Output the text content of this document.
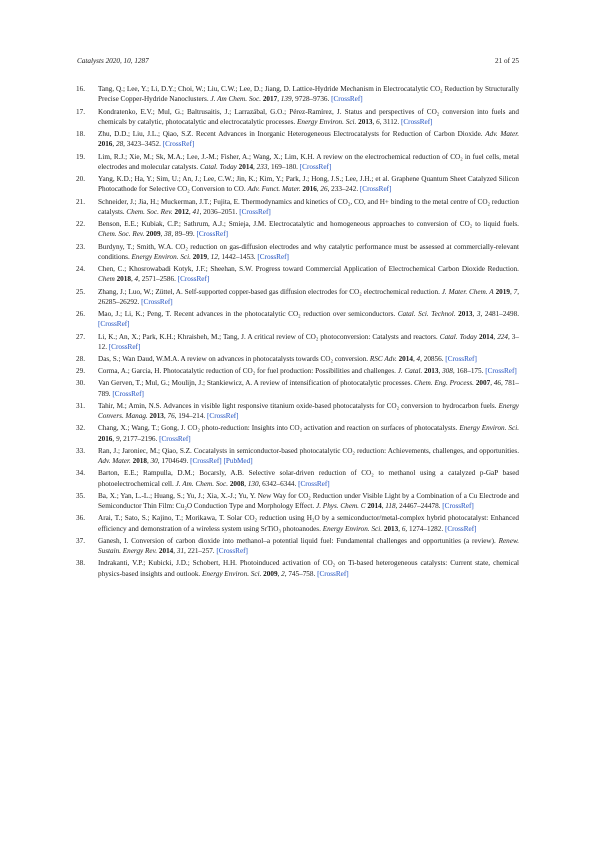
Catalysts 2020, 10, 1287	21 of 25
16. Tang, Q.; Lee, Y.; Li, D.Y.; Choi, W.; Liu, C.W.; Lee, D.; Jiang, D. Lattice-Hydride Mechanism in Electrocatalytic CO₂ Reduction by Structurally Precise Copper-Hydride Nanoclusters. J. Am Chem. Soc. 2017, 139, 9728–9736. [CrossRef]
17. Kondratenko, E.V.; Mul, G.; Baltrusaitis, J.; Larrazábal, G.O.; Pérez-Ramírez, J. Status and perspectives of CO₂ conversion into fuels and chemicals by catalytic, photocatalytic and electrocatalytic processes. Energy Environ. Sci. 2013, 6, 3112. [CrossRef]
18. Zhu, D.D.; Liu, J.L.; Qiao, S.Z. Recent Advances in Inorganic Heterogeneous Electrocatalysts for Reduction of Carbon Dioxide. Adv. Mater. 2016, 28, 3423–3452. [CrossRef]
19. Lim, R.J.; Xie, M.; Sk, M.A.; Lee, J.-M.; Fisher, A.; Wang, X.; Lim, K.H. A review on the electrochemical reduction of CO₂ in fuel cells, metal electrodes and molecular catalysts. Catal. Today 2014, 233, 169–180. [CrossRef]
20. Yang, K.D.; Ha, Y.; Sim, U.; An, J.; Lee, C.W.; Jin, K.; Kim, Y.; Park, J.; Hong, J.S.; Lee, J.H.; et al. Graphene Quantum Sheet Catalyzed Silicon Photocathode for Selective CO₂ Conversion to CO. Adv. Funct. Mater. 2016, 26, 233–242. [CrossRef]
21. Schneider, J.; Jia, H.; Muckerman, J.T.; Fujita, E. Thermodynamics and kinetics of CO₂, CO, and H+ binding to the metal centre of CO₂ reduction catalysts. Chem. Soc. Rev. 2012, 41, 2036–2051. [CrossRef]
22. Benson, E.E.; Kubiak, C.P.; Sathrum, A.J.; Smieja, J.M. Electrocatalytic and homogeneous approaches to conversion of CO₂ to liquid fuels. Chem. Soc. Rev. 2009, 38, 89–99. [CrossRef]
23. Burdyny, T.; Smith, W.A. CO₂ reduction on gas-diffusion electrodes and why catalytic performance must be assessed at commercially-relevant conditions. Energy Environ. Sci. 2019, 12, 1442–1453. [CrossRef]
24. Chen, C.; Khosrowabadi Kotyk, J.F.; Sheehan, S.W. Progress toward Commercial Application of Electrochemical Carbon Dioxide Reduction. Chem 2018, 4, 2571–2586. [CrossRef]
25. Zhang, J.; Luo, W.; Züttel, A. Self-supported copper-based gas diffusion electrodes for CO₂ electrochemical reduction. J. Mater. Chem. A 2019, 7, 26285–26292. [CrossRef]
26. Mao, J.; Li, K.; Peng, T. Recent advances in the photocatalytic CO₂ reduction over semiconductors. Catal. Sci. Technol. 2013, 3, 2481–2498. [CrossRef]
27. Li, K.; An, X.; Park, K.H.; Khraisheh, M.; Tang, J. A critical review of CO₂ photoconversion: Catalysts and reactors. Catal. Today 2014, 224, 3–12. [CrossRef]
28. Das, S.; Wan Daud, W.M.A. A review on advances in photocatalysts towards CO₂ conversion. RSC Adv. 2014, 4, 20856. [CrossRef]
29. Corma, A.; Garcia, H. Photocatalytic reduction of CO₂ for fuel production: Possibilities and challenges. J. Catal. 2013, 308, 168–175. [CrossRef]
30. Van Gerven, T.; Mul, G.; Moulijn, J.; Stankiewicz, A. A review of intensification of photocatalytic processes. Chem. Eng. Process. 2007, 46, 781–789. [CrossRef]
31. Tahir, M.; Amin, N.S. Advances in visible light responsive titanium oxide-based photocatalysts for CO₂ conversion to hydrocarbon fuels. Energy Convers. Manag. 2013, 76, 194–214. [CrossRef]
32. Chang, X.; Wang, T.; Gong, J. CO₂ photo-reduction: Insights into CO₂ activation and reaction on surfaces of photocatalysts. Energy Environ. Sci. 2016, 9, 2177–2196. [CrossRef]
33. Ran, J.; Jaroniec, M.; Qiao, S.Z. Cocatalysts in semiconductor-based photocatalytic CO₂ reduction: Achievements, challenges, and opportunities. Adv. Mater. 2018, 30, 1704649. [CrossRef] [PubMed]
34. Barton, E.E.; Rampulla, D.M.; Bocarsly, A.B. Selective solar-driven reduction of CO₂ to methanol using a catalyzed p-GaP based photoelectrochemical cell. J. Am. Chem. Soc. 2008, 130, 6342–6344. [CrossRef]
35. Ba, X.; Yan, L.-L.; Huang, S.; Yu, J.; Xia, X.-J.; Yu, Y. New Way for CO₂ Reduction under Visible Light by a Combination of a Cu Electrode and Semiconductor Thin Film: Cu₂O Conduction Type and Morphology Effect. J. Phys. Chem. C 2014, 118, 24467–24478. [CrossRef]
36. Arai, T.; Sato, S.; Kajino, T.; Morikawa, T. Solar CO₂ reduction using H₂O by a semiconductor/metal-complex hybrid photocatalyst: Enhanced efficiency and demonstration of a wireless system using SrTiO₃ photoanodes. Energy Environ. Sci. 2013, 6, 1274–1282. [CrossRef]
37. Ganesh, I. Conversion of carbon dioxide into methanol–a potential liquid fuel: Fundamental challenges and opportunities (a review). Renew. Sustain. Energy Rev. 2014, 31, 221–257. [CrossRef]
38. Indrakanti, V.P.; Kubicki, J.D.; Schobert, H.H. Photoinduced activation of CO₂ on Ti-based heterogeneous catalysts: Current state, chemical physics-based insights and outlook. Energy Environ. Sci. 2009, 2, 745–758. [CrossRef]
